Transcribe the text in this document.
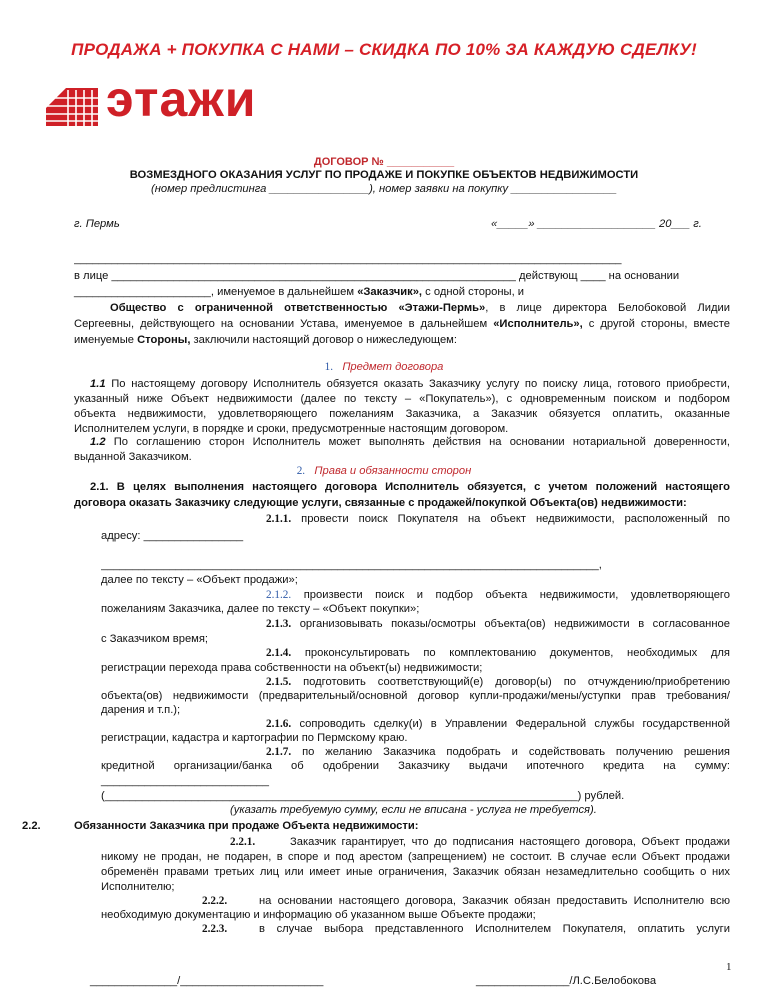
ПРОДАЖА + ПОКУПКА С НАМИ – СКИДКА ПО 10% ЗА КАЖДУЮ СДЕЛКУ!
этажи
ДОГОВОР № ___________
ВОЗМЕЗДНОГО ОКАЗАНИЯ УСЛУГ ПО ПРОДАЖЕ И ПОКУПКЕ ОБЪЕКТОВ НЕДВИЖИМОСТИ
(номер предлистинга ________________), номер заявки на покупку _________________
г. Пермь	«_____» ___________________ 20___ г.
________________________________________________________________________________________
в лице _________________________________________________________________ действующ ____ на основании
______________________, именуемое в дальнейшем «Заказчик», с одной стороны, и
Общество с ограниченной ответственностью «Этажи-Пермь», в лице директора Белобоковой Лидии
Сергеевны, действующего на основании Устава, именуемое в дальнейшем «Исполнитель», с другой стороны, вместе
именуемые Стороны, заключили настоящий договор о нижеследующем:
1. Предмет договора
1.1 По настоящему договору Исполнитель обязуется оказать Заказчику услугу по поиску лица, готового приобрести,
указанный ниже Объект недвижимости (далее по тексту – «Покупатель»), с одновременным поиском и подбором
объекта недвижимости, удовлетворяющего пожеланиям Заказчика, а Заказчик обязуется оплатить, оказанные
Исполнителем услуги, в порядке и сроки, предусмотренные настоящим договором.
1.2 По соглашению сторон Исполнитель может выполнять действия на основании нотариальной доверенности,
выданной Заказчиком.
2. Права и обязанности сторон
2.1. В целях выполнения настоящего договора Исполнитель обязуется, с учетом положений настоящего
договора оказать Заказчику следующие услуги, связанные с продажей/покупкой Объекта(ов) недвижимости:
2.1.1. провести поиск Покупателя на объект недвижимости, расположенный по
адресу: ________________
________________________________________________________________________________,
далее по тексту – «Объект продажи»;
2.1.2. произвести поиск и подбор объекта недвижимости, удовлетворяющего
пожеланиям Заказчика, далее по тексту – «Объект покупки»;
2.1.3. организовывать показы/осмотры объекта(ов) недвижимости в согласованное
с Заказчиком время;
2.1.4. проконсультировать по комплектованию документов, необходимых для
регистрации перехода права собственности на объект(ы) недвижимости;
2.1.5. подготовить соответствующий(е) договор(ы) по отчуждению/приобретению
объекта(ов) недвижимости (предварительный/основной договор купли-продажи/мены/уступки прав требования/
дарения и т.п.);
2.1.6. сопроводить сделку(и) в Управлении Федеральной службы государственной
регистрации, кадастра и картографии по Пермскому краю.
2.1.7. по желанию Заказчика подобрать и содействовать получению решения
кредитной организации/банка об одобрении Заказчику выдачи ипотечного кредита на сумму:
___________________________
(____________________________________________________________________________) рублей.
(указать требуемую сумму, если не вписана - услуга не требуется).
2.2.	Обязанности Заказчика при продаже Объекта недвижимости:
2.2.1.	Заказчик гарантирует, что до подписания настоящего договора, Объект продажи
никому не продан, не подарен, в споре и под арестом (запрещением) не состоит. В случае если Объект продажи
обременён правами третьих лиц или имеет иные ограничения, Заказчик обязан незамедлительно сообщить о них
Исполнителю;
2.2.2.	на основании настоящего договора, Заказчик обязан предоставить Исполнителю всю
необходимую документацию и информацию об указанном выше Объекте продажи;
2.2.3.	в случае выбора представленного Исполнителем Покупателя, оплатить услуги
1
______________/_______________________	_______________/Л.С.Белобокова
